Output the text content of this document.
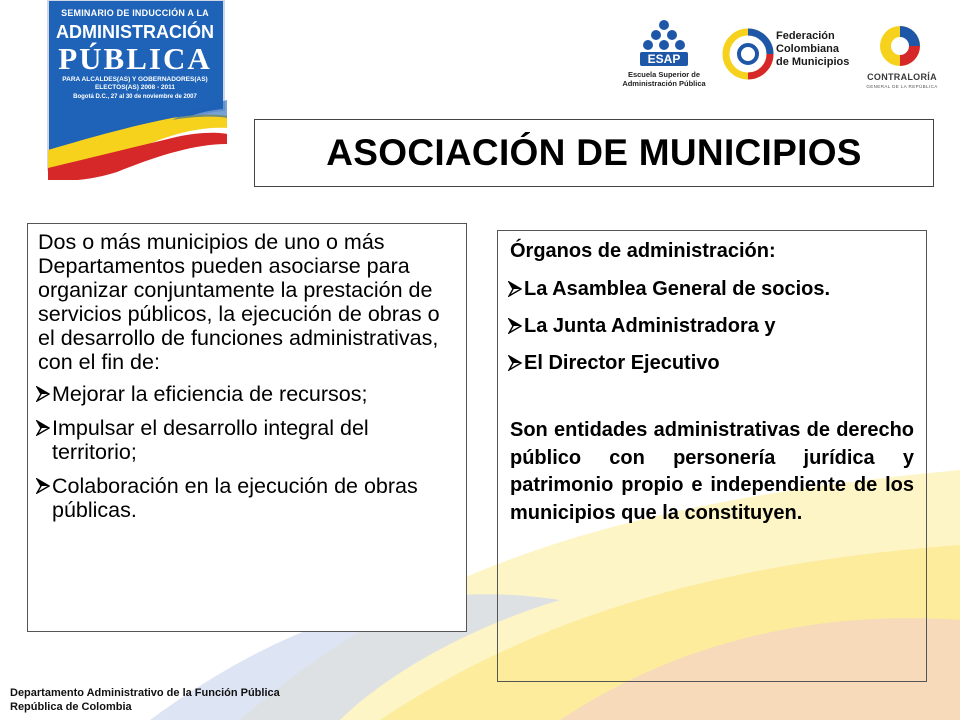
SEMINARIO DE INDUCCIÓN A LA
ADMINISTRACIÓN
PÚBLICA
PARA ALCALDES(AS) Y GOBERNADORES(AS)
ELECTOS(AS) 2008 - 2011
Bogotá D.C., 27 al 30 de noviembre de 2007
ESAP
Escuela Superior de
Administración Pública
Federación
Colombiana
de Municipios
CONTRALORÍA
GENERAL DE LA REPÚBLICA
ASOCIACIÓN DE MUNICIPIOS

Dos o más municipios de uno o más Departamentos pueden asociarse para organizar conjuntamente la prestación de servicios públicos, la ejecución de obras o el desarrollo de funciones administrativas, con el fin de:

Mejorar la eficiencia de recursos;
Impulsar el desarrollo integral del territorio;
Colaboración en la ejecución de obras públicas.
Órganos de administración:
La Asamblea General de socios.
La Junta Administradora y
El Director Ejecutivo

Son entidades administrativas de derecho público con personería jurídica y patrimonio propio e independiente de los municipios que la constituyen.

Departamento Administrativo de la Función Pública
República de Colombia
